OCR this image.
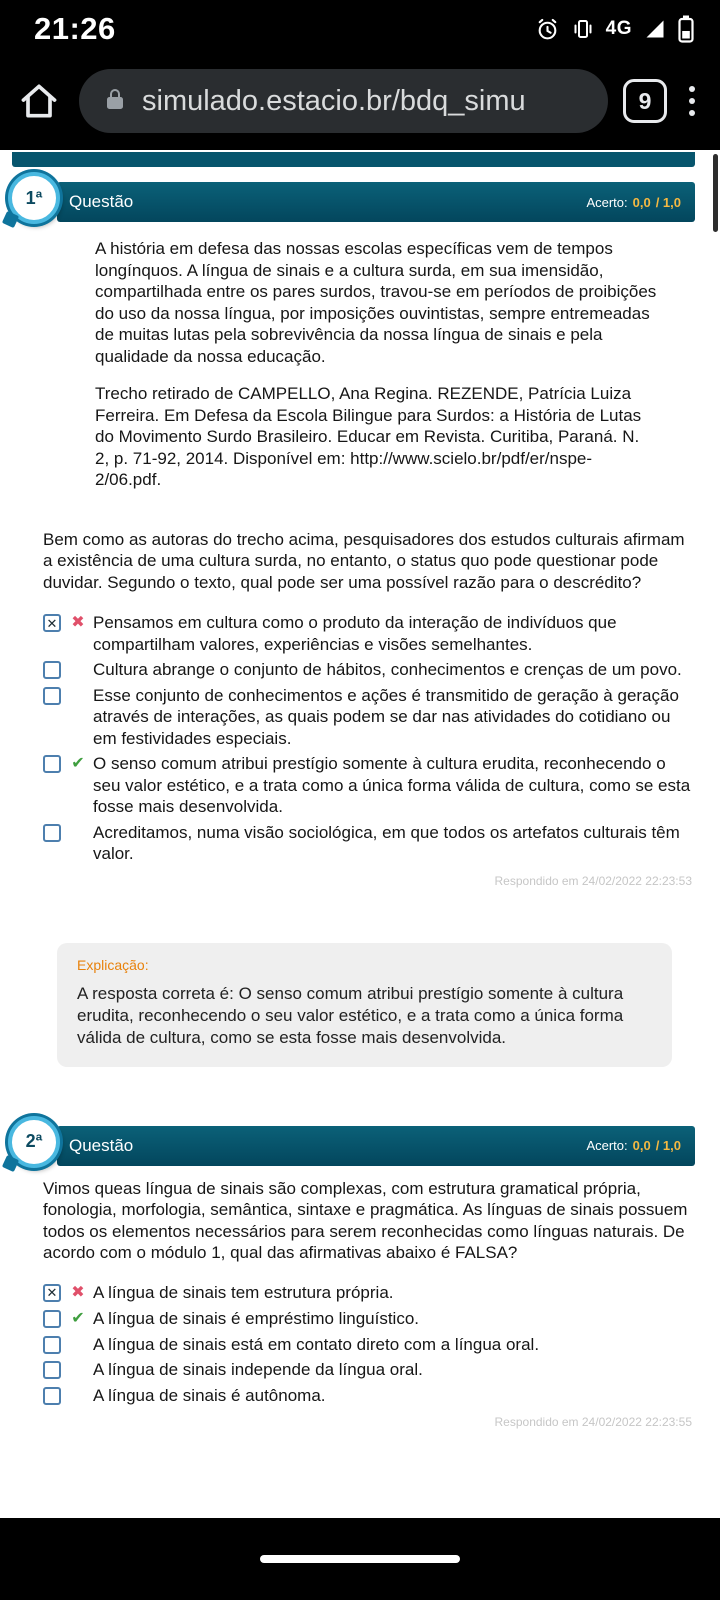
21:26	4G
simulado.estacio.br/bdq_simu	9
1ª Questão	Acerto: 0,0 / 1,0

A história em defesa das nossas escolas específicas vem de tempos longínquos. A língua de sinais e a cultura surda, em sua imensidão, compartilhada entre os pares surdos, travou-se em períodos de proibições do uso da nossa língua, por imposições ouvintistas, sempre entremeadas de muitas lutas pela sobrevivência da nossa língua de sinais e pela qualidade da nossa educação.

Trecho retirado de CAMPELLO, Ana Regina. REZENDE, Patrícia Luiza Ferreira. Em Defesa da Escola Bilingue para Surdos: a História de Lutas do Movimento Surdo Brasileiro. Educar em Revista. Curitiba, Paraná. N. 2, p. 71-92, 2014. Disponível em: http://www.scielo.br/pdf/er/nspe-2/06.pdf.

Bem como as autoras do trecho acima, pesquisadores dos estudos culturais afirmam a existência de uma cultura surda, no entanto, o status quo pode questionar pode duvidar. Segundo o texto, qual pode ser uma possível razão para o descrédito?

✕ ✖ Pensamos em cultura como o produto da interação de indivíduos que compartilham valores, experiências e visões semelhantes.
Cultura abrange o conjunto de hábitos, conhecimentos e crenças de um povo.
Esse conjunto de conhecimentos e ações é transmitido de geração à geração através de interações, as quais podem se dar nas atividades do cotidiano ou em festividades especiais.
✔ O senso comum atribui prestígio somente à cultura erudita, reconhecendo o seu valor estético, e a trata como a única forma válida de cultura, como se esta fosse mais desenvolvida.
Acreditamos, numa visão sociológica, em que todos os artefatos culturais têm valor.

Respondido em 24/02/2022 22:23:53

Explicação:

A resposta correta é: O senso comum atribui prestígio somente à cultura erudita, reconhecendo o seu valor estético, e a trata como a única forma válida de cultura, como se esta fosse mais desenvolvida.

2ª Questão	Acerto: 0,0 / 1,0

Vimos queas língua de sinais são complexas, com estrutura gramatical própria, fonologia, morfologia, semântica, sintaxe e pragmática. As línguas de sinais possuem todos os elementos necessários para serem reconhecidas como línguas naturais. De acordo com o módulo 1, qual das afirmativas abaixo é FALSA?

✕ ✖ A língua de sinais tem estrutura própria.
✔ A língua de sinais é empréstimo linguístico.
A língua de sinais está em contato direto com a língua oral.
A língua de sinais independe da língua oral.
A língua de sinais é autônoma.

Respondido em 24/02/2022 22:23:55
